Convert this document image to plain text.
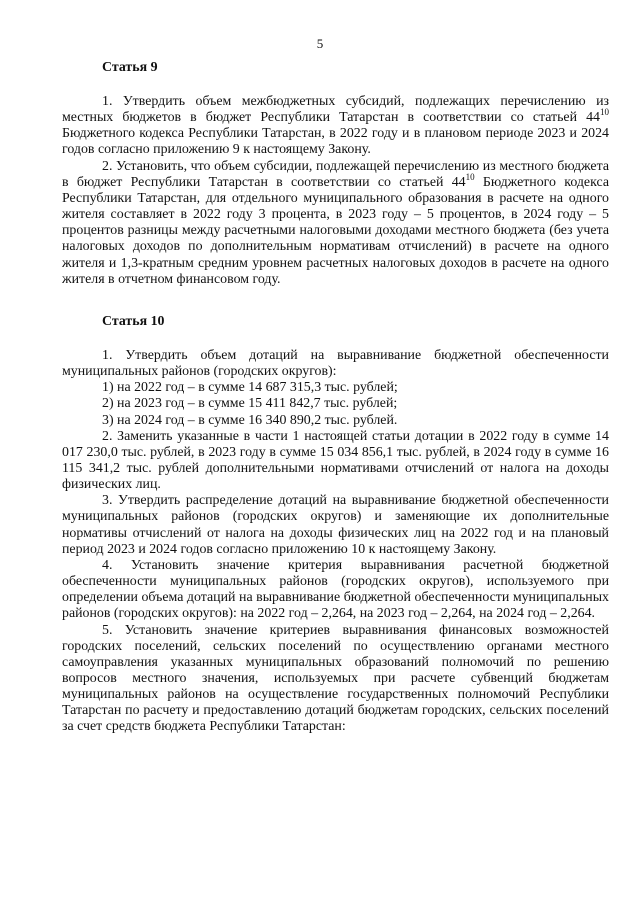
5
Статья 9

1. Утвердить объем межбюджетных субсидий, подлежащих перечислению из местных бюджетов в бюджет Республики Татарстан в соответствии со статьей $44^{10}$ Бюджетного кодекса Республики Татарстан, в 2022 году и в плановом периоде 2023 и 2024 годов согласно приложению 9 к настоящему Закону.

2. Установить, что объем субсидии, подлежащей перечислению из местного бюджета в бюджет Республики Татарстан в соответствии со статьей $44^{10}$ Бюджетного кодекса Республики Татарстан, для отдельного муниципального образования в расчете на одного жителя составляет в 2022 году 3 процента, в 2023 году – 5 процентов, в 2024 году – 5 процентов разницы между расчетными налоговыми доходами местного бюджета (без учета налоговых доходов по дополнительным нормативам отчислений) в расчете на одного жителя и 1,3-кратным средним уровнем расчетных налоговых доходов в расчете на одного жителя в отчетном финансовом году.

Статья 10

1. Утвердить объем дотаций на выравнивание бюджетной обеспеченности муниципальных районов (городских округов):

1) на 2022 год – в сумме 14 687 315,3 тыс. рублей;

2) на 2023 год – в сумме 15 411 842,7 тыс. рублей;

3) на 2024 год – в сумме 16 340 890,2 тыс. рублей.

2. Заменить указанные в части 1 настоящей статьи дотации в 2022 году в сумме 14 017 230,0 тыс. рублей, в 2023 году в сумме 15 034 856,1 тыс. рублей, в 2024 году в сумме 16 115 341,2 тыс. рублей дополнительными нормативами отчислений от налога на доходы физических лиц.

3. Утвердить распределение дотаций на выравнивание бюджетной обеспеченности муниципальных районов (городских округов) и заменяющие их дополнительные нормативы отчислений от налога на доходы физических лиц на 2022 год и на плановый период 2023 и 2024 годов согласно приложению 10 к настоящему Закону.

4. Установить значение критерия выравнивания расчетной бюджетной обеспеченности муниципальных районов (городских округов), используемого при определении объема дотаций на выравнивание бюджетной обеспеченности муниципальных районов (городских округов): на 2022 год – 2,264, на 2023 год – 2,264, на 2024 год – 2,264.

5. Установить значение критериев выравнивания финансовых возможностей городских поселений, сельских поселений по осуществлению органами местного самоуправления указанных муниципальных образований полномочий по решению вопросов местного значения, используемых при расчете субвенций бюджетам муниципальных районов на осуществление государственных полномочий Республики Татарстан по расчету и предоставлению дотаций бюджетам городских, сельских поселений за счет средств бюджета Республики Татарстан:
